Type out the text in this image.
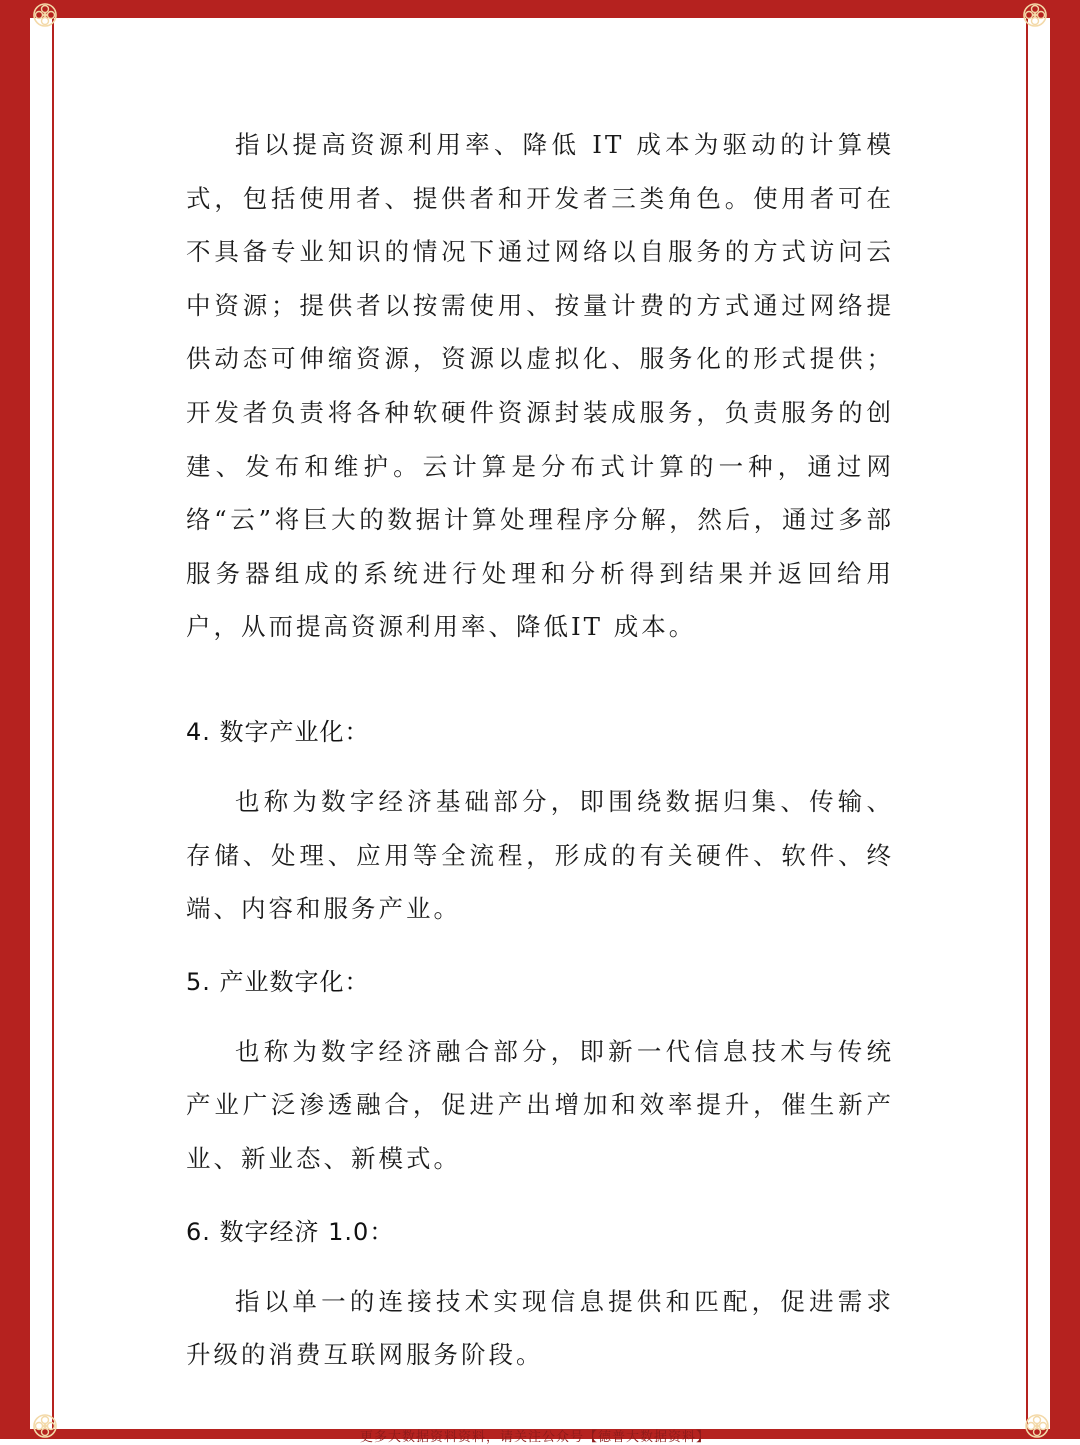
指以提高资源利用率、降低 IT 成本为驱动的计算模式，包括使用者、提供者和开发者三类角色。使用者可在不具备专业知识的情况下通过网络以自服务的方式访问云中资源；提供者以按需使用、按量计费的方式通过网络提供动态可伸缩资源，资源以虚拟化、服务化的形式提供；开发者负责将各种软硬件资源封装成服务，负责服务的创建、发布和维护。云计算是分布式计算的一种，通过网络“云”将巨大的数据计算处理程序分解，然后，通过多部服务器组成的系统进行处理和分析得到结果并返回给用户，从而提高资源利用率、降低IT 成本。

4. 数字产业化：

也称为数字经济基础部分，即围绕数据归集、传输、存储、处理、应用等全流程，形成的有关硬件、软件、终端、内容和服务产业。

5. 产业数字化：

也称为数字经济融合部分，即新一代信息技术与传统产业广泛渗透融合，促进产出增加和效率提升，催生新产业、新业态、新模式。

6. 数字经济 1.0：

指以单一的连接技术实现信息提供和匹配，促进需求升级的消费互联网服务阶段。

更多大数据资料资料，请关注公众号【德普大数据资料】
